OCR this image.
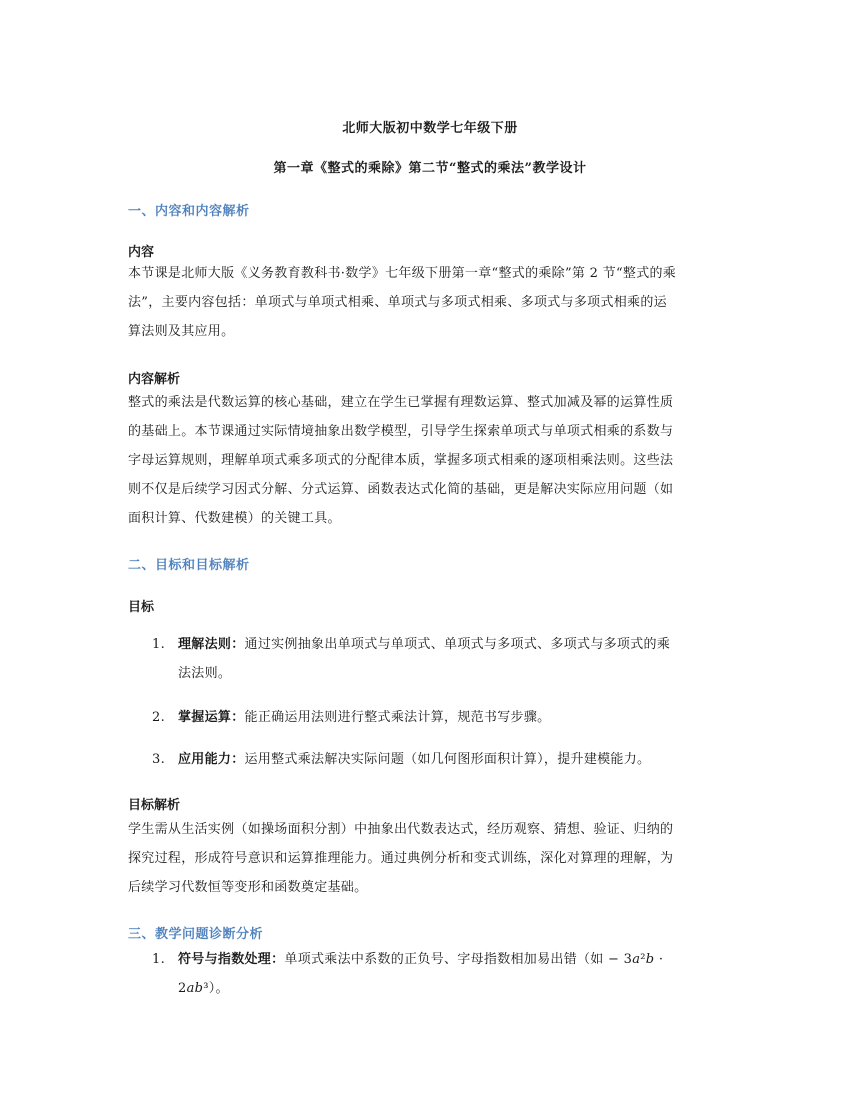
北师大版初中数学七年级下册
第一章《整式的乘除》第二节“整式的乘法”教学设计
一、内容和内容解析
内容
本节课是北师大版《义务教育教科书·数学》七年级下册第一章“整式的乘除”第 2 节“整式的乘
法”，主要内容包括：单项式与单项式相乘、单项式与多项式相乘、多项式与多项式相乘的运
算法则及其应用。
内容解析
整式的乘法是代数运算的核心基础，建立在学生已掌握有理数运算、整式加减及幂的运算性质
的基础上。本节课通过实际情境抽象出数学模型，引导学生探索单项式与单项式相乘的系数与
字母运算规则，理解单项式乘多项式的分配律本质，掌握多项式相乘的逐项相乘法则。这些法
则不仅是后续学习因式分解、分式运算、函数表达式化简的基础，更是解决实际应用问题（如
面积计算、代数建模）的关键工具。
二、目标和目标解析
目标
1. 理解法则：通过实例抽象出单项式与单项式、单项式与多项式、多项式与多项式的乘
法法则。
2. 掌握运算：能正确运用法则进行整式乘法计算，规范书写步骤。
3. 应用能力：运用整式乘法解决实际问题（如几何图形面积计算），提升建模能力。
目标解析
学生需从生活实例（如操场面积分割）中抽象出代数表达式，经历观察、猜想、验证、归纳的
探究过程，形成符号意识和运算推理能力。通过典例分析和变式训练，深化对算理的理解，为
后续学习代数恒等变形和函数奠定基础。
三、教学问题诊断分析
1. 符号与指数处理：单项式乘法中系数的正负号、字母指数相加易出错（如 − 3𝑎²𝑏 ·
2𝑎𝑏³）。
